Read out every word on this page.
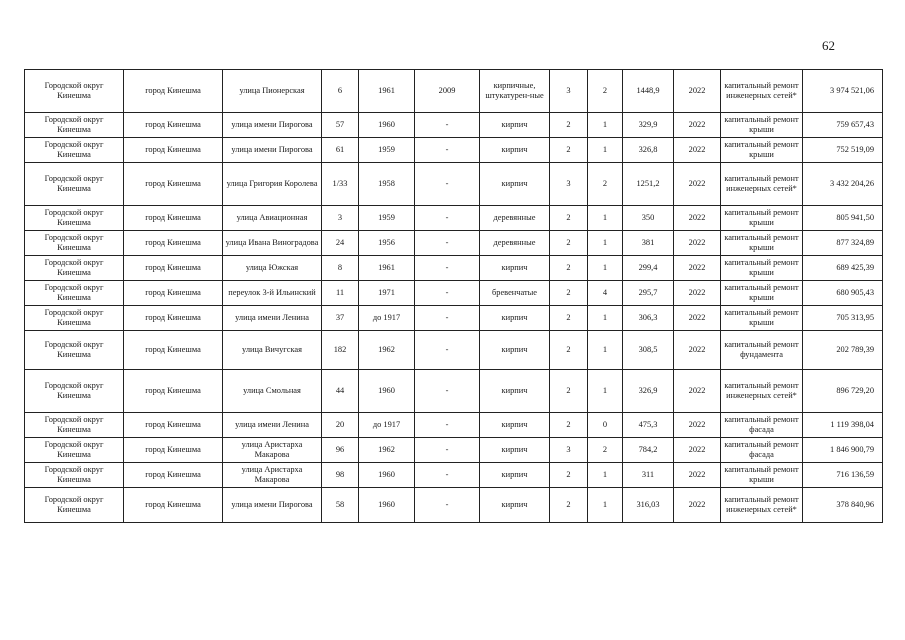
62
Городской округ Кинешма	город Кинешма	улица Пионерская	6	1961	2009	кирпичные, штукатурен-ные	3	2	1448,9	2022	капитальный ремонт инженерных сетей*	3 974 521,06
Городской округ Кинешма	город Кинешма	улица имени Пирогова	57	1960	-	кирпич	2	1	329,9	2022	капитальный ремонт крыши	759 657,43
Городской округ Кинешма	город Кинешма	улица имени Пирогова	61	1959	-	кирпич	2	1	326,8	2022	капитальный ремонт крыши	752 519,09
Городской округ Кинешма	город Кинешма	улица Григория Королева	1/33	1958	-	кирпич	3	2	1251,2	2022	капитальный ремонт инженерных сетей*	3 432 204,26
Городской округ Кинешма	город Кинешма	улица Авиационная	3	1959	-	деревянные	2	1	350	2022	капитальный ремонт крыши	805 941,50
Городской округ Кинешма	город Кинешма	улица Ивана Виноградова	24	1956	-	деревянные	2	1	381	2022	капитальный ремонт крыши	877 324,89
Городской округ Кинешма	город Кинешма	улица Южская	8	1961	-	кирпич	2	1	299,4	2022	капитальный ремонт крыши	689 425,39
Городской округ Кинешма	город Кинешма	переулок 3-й Ильинский	11	1971	-	бревенчатые	2	4	295,7	2022	капитальный ремонт крыши	680 905,43
Городской округ Кинешма	город Кинешма	улица имени Ленина	37	до 1917	-	кирпич	2	1	306,3	2022	капитальный ремонт крыши	705 313,95
Городской округ Кинешма	город Кинешма	улица Вичугская	182	1962	-	кирпич	2	1	308,5	2022	капитальный ремонт фундамента	202 789,39
Городской округ Кинешма	город Кинешма	улица Смольная	44	1960	-	кирпич	2	1	326,9	2022	капитальный ремонт инженерных сетей*	896 729,20
Городской округ Кинешма	город Кинешма	улица имени Ленина	20	до 1917	-	кирпич	2	0	475,3	2022	капитальный ремонт фасада	1 119 398,04
Городской округ Кинешма	город Кинешма	улица Аристарха Макарова	96	1962	-	кирпич	3	2	784,2	2022	капитальный ремонт фасада	1 846 900,79
Городской округ Кинешма	город Кинешма	улица Аристарха Макарова	98	1960	-	кирпич	2	1	311	2022	капитальный ремонт крыши	716 136,59
Городской округ Кинешма	город Кинешма	улица имени Пирогова	58	1960	-	кирпич	2	1	316,03	2022	капитальный ремонт инженерных сетей*	378 840,96
